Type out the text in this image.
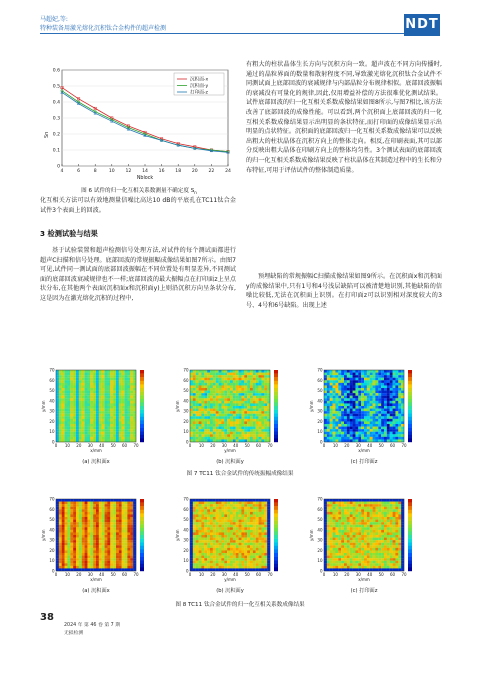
马超妃,等:
特种装备用激光熔化沉积钛合金构件的超声检测	NDT
0.6
0.5
0.4
0.3
0.2
0.1
0
4	6	8	10 12 14 16 18 20 22 24
Sn
Nblock
沉积面-x
沉积面-y
打印面-z
图 6 试件的归一化互相关系数测量不确定度 $S_n$
化互相关方法可以有效地测量信噪比高达10 dB的平底孔在TC11钛合金试件3个表面上的回波。
3 检测试验与结果
基于试验装置和超声检测信号处理方法,对试件的每个测试面都进行超声C扫描和信号处理。底部回波的常规振幅成像结果如图7所示。由图7可见,试件同一测试面的底部回波振幅在不同位置处有明显差异,不同测试面的底部回波衰减规律也不一样;底部回波的最大振幅点在打印面z上呈点状分布,在其他两个表面(沉积面x和沉积面y)上则沿沉积方向呈条状分布,这是因为在激光熔化沉积的过程中,
有粗大的柱状晶体生长方向与沉积方向一致。超声波在不同方向传播时,通过的晶粒界面的数量和散射程度不同,导致激光熔化沉积钛合金试件不同测试面上底部回波的衰减规律与内部晶粒分布规律相似。底部回波振幅的衰减没有可量化的规律,因此,仅用增益补偿的方法很难优化测试结果。试件底部回波的归一化互相关系数成像结果如图8所示,与图7相比,该方法改善了底部回波的成像性能。可以看到,两个沉积面上底部回波的归一化互相关系数成像结果显示出明显的条状特征,而打印面的成像结果显示出明显的点状特征。沉积面的底部回波归一化互相关系数成像结果可以反映出粗大的柱状晶体在沉积方向上的整体走向。相反,在印刷表面,其可以部分反映出粗大晶体在印刷方向上的整体均匀性。3个测试表面的底部回波的归一化互相关系数成像结果反映了柱状晶体在其制造过程中的生长和分布特征,可用于评估试件的整体制造质量。
预埋缺陷的常规振幅C扫描成像结果如图9所示。在沉积面x和沉积面y的成像结果中,只有1号和4号浅层缺陷可以被清楚地识别,其他缺陷的信噪比较低,无法在沉积面上识别。在打印面z可以识别相对深度较大的3号、4号和6号缺陷。出现上述
70
60
50
40
30
20
10
0
0 10 20 30 40 50 60 70
y/mm
x/mm
(a) 沉积面x
70
60
50
40
30
20
10
0
0 10 20 30 40 50 60 70
y/mm
y/mm
(b) 沉积面y
70
60
50
40
30
20
10
0
0 10 20 30 40 50 60 70
y/mm
x/mm
(c) 打印面z
图 7 TC11 钛合金试件的传统振幅成像结果
70
60
50
40
30
20
10
0
0 10 20 30 40 50 60 70
y/mm
x/mm
(a) 沉积面x
70
60
50
40
30
20
10
0
0 10 20 30 40 50 60 70
y/mm
y/mm
(b) 沉积面y
70
60
50
40
30
20
10
0
0 10 20 30 40 50 60 70
y/mm
x/mm
(c) 打印面z
图 8 TC11 钛合金试件的归一化互相关系数成像结果
38
2024 年 第 46 卷 第 7 期
无损检测
